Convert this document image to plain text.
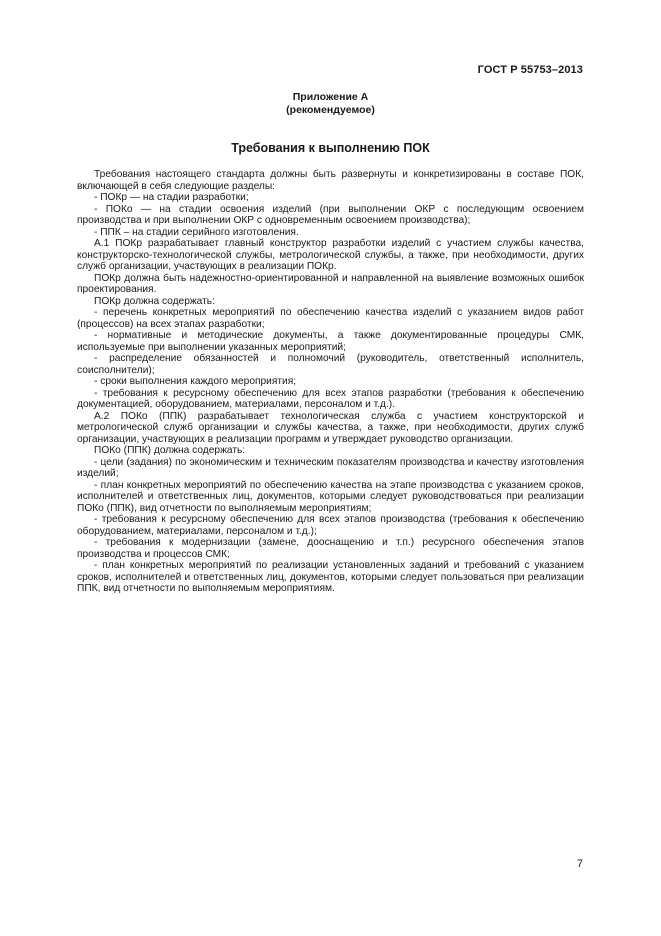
ГОСТ Р 55753–2013
Приложение А
(рекомендуемое)
Требования к выполнению ПОК

Требования настоящего стандарта должны быть развернуты и конкретизированы в составе ПОК, включающей в себя следующие разделы:

- ПОКр — на стадии разработки;

- ПОКо — на стадии освоения изделий (при выполнении ОКР с последующим освоением производства и при выполнении ОКР с одновременным освоением производства);

- ППК – на стадии серийного изготовления.

А.1 ПОКр разрабатывает главный конструктор разработки изделий с участием службы качества, конструкторско-технологической службы, метрологической службы, а также, при необходимости, других служб организации, участвующих в реализации ПОКр.

ПОКр должна быть надежностно-ориентированной и направленной на выявление возможных ошибок проектирования.

ПОКр должна содержать:

- перечень конкретных мероприятий по обеспечению качества изделий с указанием видов работ (процессов) на всех этапах разработки;

- нормативные и методические документы, а также документированные процедуры СМК, используемые при выполнении указанных мероприятий;

- распределение обязанностей и полномочий (руководитель, ответственный исполнитель, соисполнители);

- сроки выполнения каждого мероприятия;

- требования к ресурсному обеспечению для всех этапов разработки (требования к обеспечению документацией, оборудованием, материалами, персоналом и т.д.).

А.2 ПОКо (ППК) разрабатывает технологическая служба с участием конструкторской и метрологической служб организации и службы качества, а также, при необходимости, других служб организации, участвующих в реализации программ и утверждает руководство организации.

ПОКо (ППК) должна содержать:

- цели (задания) по экономическим и техническим показателям производства и качеству изготовления изделий;

- план конкретных мероприятий по обеспечению качества на этапе производства с указанием сроков, исполнителей и ответственных лиц, документов, которыми следует руководствоваться при реализации ПОКо (ППК), вид отчетности по выполняемым мероприятиям;

- требования к ресурсному обеспечению для всех этапов производства (требования к обеспечению оборудованием, материалами, персоналом и т.д.);

- требования к модернизации (замене, дооснащению и т.п.) ресурсного обеспечения этапов производства и процессов СМК;

- план конкретных мероприятий по реализации установленных заданий и требований с указанием сроков, исполнителей и ответственных лиц, документов, которыми следует пользоваться при реализации ППК, вид отчетности по выполняемым мероприятиям.

7
